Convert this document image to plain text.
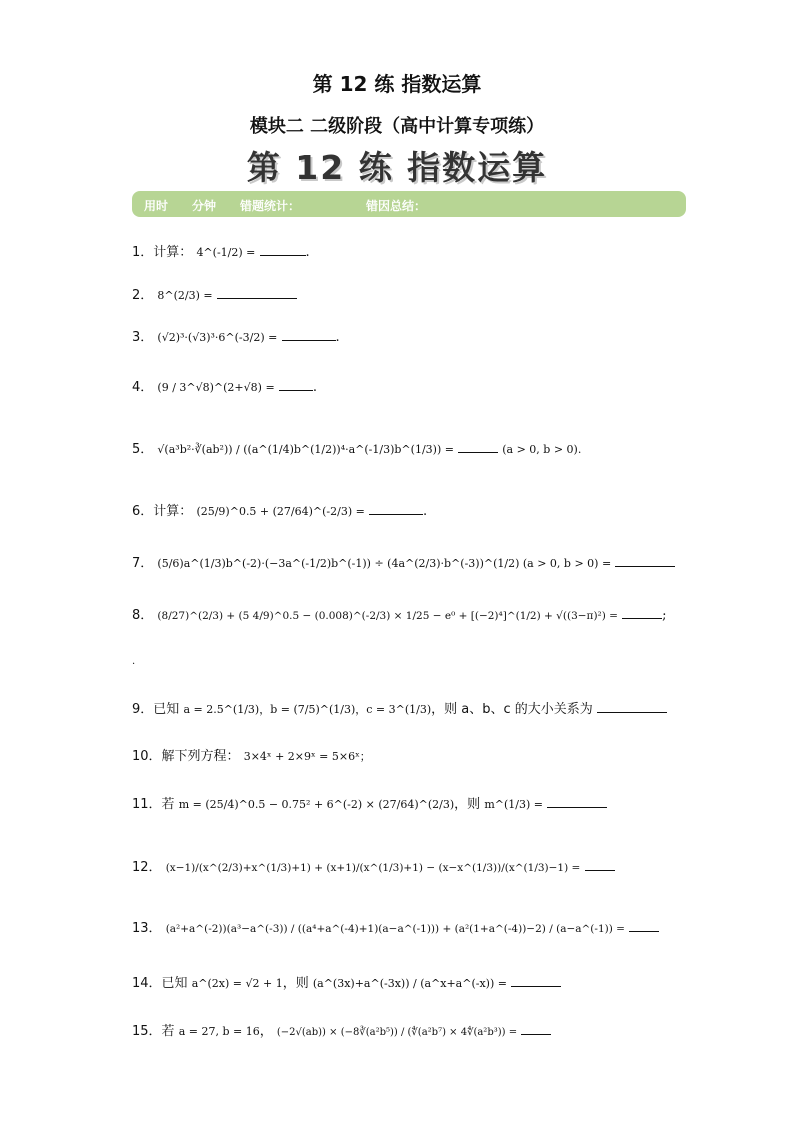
第 12 练 指数运算
模块二 二级阶段（高中计算专项练）
第 12 练 指数运算
用时 分钟 错题统计：	错因总结：
1．计算： 4^(-1/2) =	.
2． 8^(2/3) =
3． (√2)³·(√3)³·6^(-3/2) =	.
4． (9 / 3^√8)^(2+√8) =	.
5． √(a³b²·∛(ab²)) / ((a^(1/4)b^(1/2))⁴·a^(-1/3)b^(1/3)) =	(a > 0, b > 0).
6．计算： (25/9)^0.5 + (27/64)^(-2/3) =	.
7． (5/6)a^(1/3)b^(-2)·(−3a^(-1/2)b^(-1)) ÷ (4a^(2/3)·b^(-3))^(1/2) (a > 0, b > 0) =
8． (8/27)^(2/3) + (5 4/9)^0.5 − (0.008)^(-2/3) × 1/25 − e⁰ + [(−2)⁴]^(1/2) + √((3−π)²) =	;
.
9．已知 a = 2.5^(1/3)，b = (7/5)^(1/3)，c = 3^(1/3)，则 a、b、c 的大小关系为
10．解下列方程： 3×4ˣ + 2×9ˣ = 5×6ˣ；
11．若 m = (25/4)^0.5 − 0.75² + 6^(-2) × (27/64)^(2/3)，则 m^(1/3) =
12． (x−1)/(x^(2/3)+x^(1/3)+1) + (x+1)/(x^(1/3)+1) − (x−x^(1/3))/(x^(1/3)−1) =
13． (a²+a^(-2))(a³−a^(-3)) / ((a⁴+a^(-4)+1)(a−a^(-1))) + (a²(1+a^(-4))−2) / (a−a^(-1)) =
14．已知 a^(2x) = √2 + 1，则 (a^(3x)+a^(-3x)) / (a^x+a^(-x)) =
15．若 a = 27, b = 16， (−2√(ab)) × (−8∛(a²b⁵)) / (∜(a²b⁷) × 4∜(a²b³)) =
